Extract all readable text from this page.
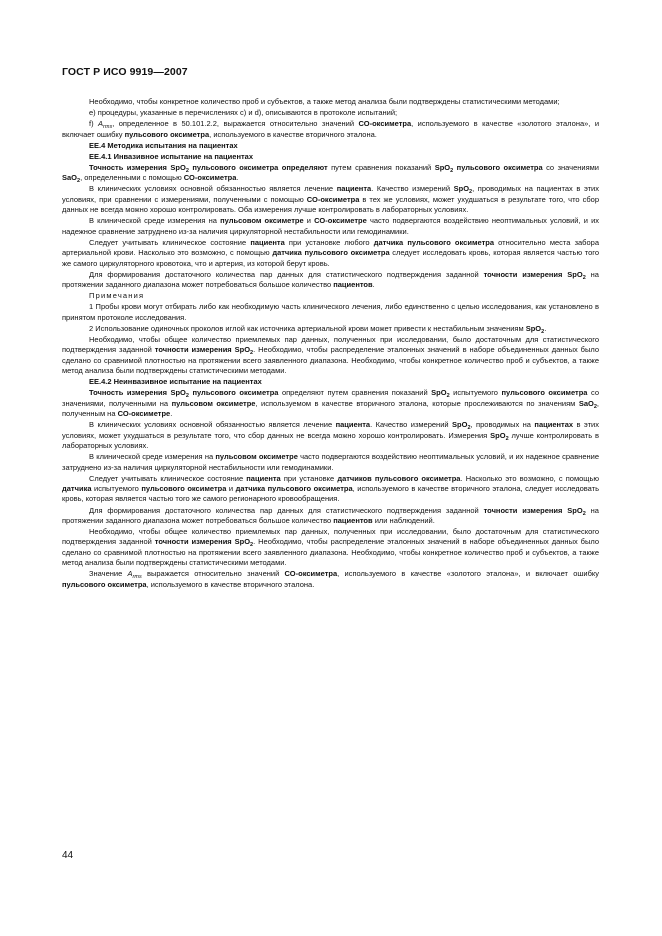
ГОСТ Р ИСО 9919—2007

Необходимо, чтобы конкретное количество проб и субъектов, а также метод анализа были подтверждены статистическими методами;

е) процедуры, указанные в перечислениях с) и d), описываются в протоколе испытаний;

f) $A_{rms}$, определенное в 50.101.2.2, выражается относительно значений СО-оксиметра, используемого в качестве «золотого эталона», и включает ошибку пульсового оксиметра, используемого в качестве вторичного эталона.

ЕЕ.4 Методика испытания на пациентах

ЕЕ.4.1 Инвазивное испытание на пациентах

Точность измерения SpO$_2$ пульсового оксиметра определяют путем сравнения показаний SpO$_2$ пульсового оксиметра со значениями SaO$_2$, определенными с помощью СО-оксиметра.

В клинических условиях основной обязанностью является лечение пациента. Качество измерений SpO$_2$, проводимых на пациентах в этих условиях, при сравнении с измерениями, полученными с помощью СО-оксиметра в тех же условиях, может ухудшаться в результате того, что сбор данных не всегда можно хорошо контролировать. Оба измерения лучше контролировать в лабораторных условиях.

В клинической среде измерения на пульсовом оксиметре и СО-оксиметре часто подвергаются воздействию неоптимальных условий, и их надежное сравнение затруднено из-за наличия циркуляторной нестабильности или гемодинамики.

Следует учитывать клиническое состояние пациента при установке любого датчика пульсового оксиметра относительно места забора артериальной крови. Насколько это возможно, с помощью датчика пульсового оксиметра следует исследовать кровь, которая является частью того же самого циркуляторного кровотока, что и артерия, из которой берут кровь.

Для формирования достаточного количества пар данных для статистического подтверждения заданной точности измерения SpO$_2$ на протяжении заданного диапазона может потребоваться большое количество пациентов.

Примечания

1 Пробы крови могут отбирать либо как необходимую часть клинического лечения, либо единственно с целью исследования, как установлено в принятом протоколе исследования.

2 Использование одиночных проколов иглой как источника артериальной крови может привести к нестабильным значениям SpO$_2$.

Необходимо, чтобы общее количество приемлемых пар данных, полученных при исследовании, было достаточным для статистического подтверждения заданной точности измерения SpO$_2$. Необходимо, чтобы распределение эталонных значений в наборе объединенных данных было сделано со сравнимой плотностью на протяжении всего заявленного диапазона. Необходимо, чтобы конкретное количество проб и субъектов, а также метод анализа были подтверждены статистическими методами.

ЕЕ.4.2 Неинвазивное испытание на пациентах

Точность измерения SpO$_2$ пульсового оксиметра определяют путем сравнения показаний SpO$_2$ испытуемого пульсового оксиметра со значениями, полученными на пульсовом оксиметре, используемом в качестве вторичного эталона, которые прослеживаются по значениям SaO$_2$, полученным на СО-оксиметре.

В клинических условиях основной обязанностью является лечение пациента. Качество измерений SpO$_2$, проводимых на пациентах в этих условиях, может ухудшаться в результате того, что сбор данных не всегда можно хорошо контролировать. Измерения SpO$_2$ лучше контролировать в лабораторных условиях.

В клинической среде измерения на пульсовом оксиметре часто подвергаются воздействию неоптимальных условий, и их надежное сравнение затруднено из-за наличия циркуляторной нестабильности или гемодинамики.

Следует учитывать клиническое состояние пациента при установке датчиков пульсового оксиметра. Насколько это возможно, с помощью датчика испытуемого пульсового оксиметра и датчика пульсового оксиметра, используемого в качестве вторичного эталона, следует исследовать кровь, которая является частью того же самого регионарного кровообращения.

Для формирования достаточного количества пар данных для статистического подтверждения заданной точности измерения SpO$_2$ на протяжении заданного диапазона может потребоваться большое количество пациентов или наблюдений.

Необходимо, чтобы общее количество приемлемых пар данных, полученных при исследовании, было достаточным для статистического подтверждения заданной точности измерения SpO$_2$. Необходимо, чтобы распределение эталонных значений в наборе объединенных данных было сделано со сравнимой плотностью на протяжении всего заявленного диапазона. Необходимо, чтобы конкретное количество проб и субъектов, а также метод анализа были подтверждены статистическими методами.

Значение $A_{rms}$ выражается относительно значений СО-оксиметра, используемого в качестве «золотого эталона», и включает ошибку пульсового оксиметра, используемого в качестве вторичного эталона.

44
